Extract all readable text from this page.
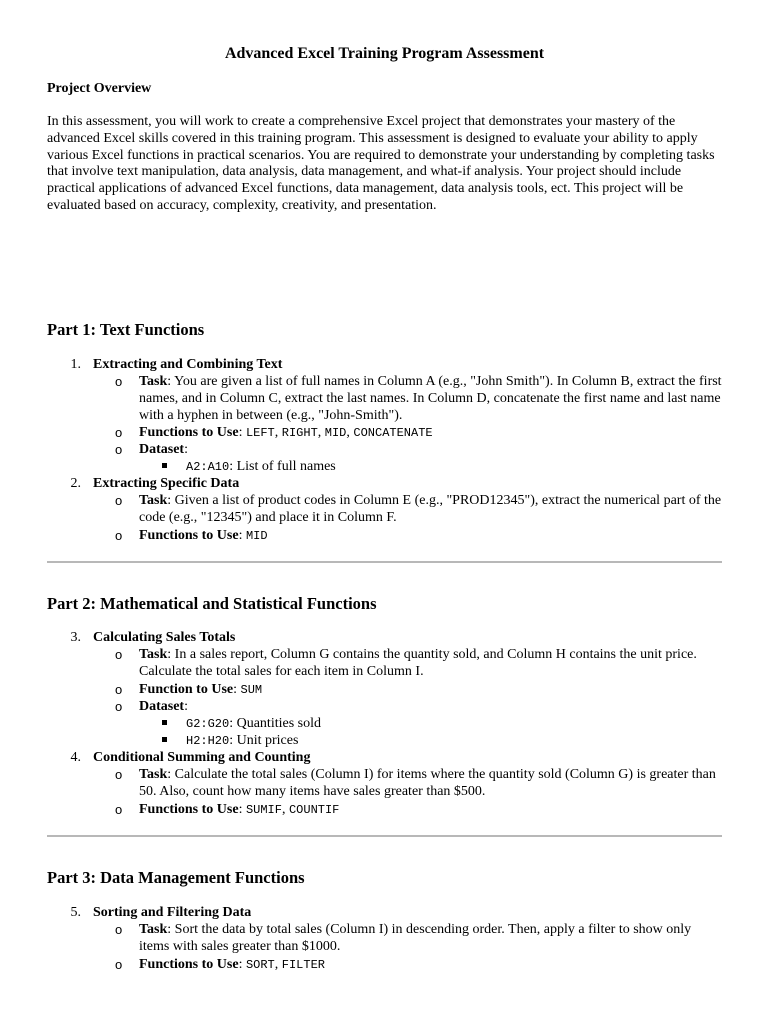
Advanced Excel Training Program Assessment
Project Overview

In this assessment, you will work to create a comprehensive Excel project that demonstrates your mastery of the advanced Excel skills covered in this training program. This assessment is designed to evaluate your ability to apply various Excel functions in practical scenarios. You are required to demonstrate your understanding by completing tasks that involve text manipulation, data analysis, data management, and what-if analysis. Your project should include practical applications of advanced Excel functions, data management, data analysis tools, ect. This project will be evaluated based on accuracy, complexity, creativity, and presentation.

Part 1: Text Functions
1. Extracting and Combining Text
o Task: You are given a list of full names in Column A (e.g., "John Smith"). In Column B, extract the first names, and in Column C, extract the last names. In Column D, concatenate the first name and last name with a hyphen in between (e.g., "John-Smith").
o Functions to Use: LEFT, RIGHT, MID, CONCATENATE
o Dataset:
A2:A10: List of full names
2. Extracting Specific Data
o Task: Given a list of product codes in Column E (e.g., "PROD12345"), extract the numerical part of the code (e.g., "12345") and place it in Column F.
o Functions to Use: MID
Part 2: Mathematical and Statistical Functions
3. Calculating Sales Totals
o Task: In a sales report, Column G contains the quantity sold, and Column H contains the unit price. Calculate the total sales for each item in Column I.
o Function to Use: SUM
o Dataset:
G2:G20: Quantities sold
H2:H20: Unit prices
4. Conditional Summing and Counting
o Task: Calculate the total sales (Column I) for items where the quantity sold (Column G) is greater than 50. Also, count how many items have sales greater than $500.
o Functions to Use: SUMIF, COUNTIF
Part 3: Data Management Functions
5. Sorting and Filtering Data
o Task: Sort the data by total sales (Column I) in descending order. Then, apply a filter to show only items with sales greater than $1000.
o Functions to Use: SORT, FILTER
